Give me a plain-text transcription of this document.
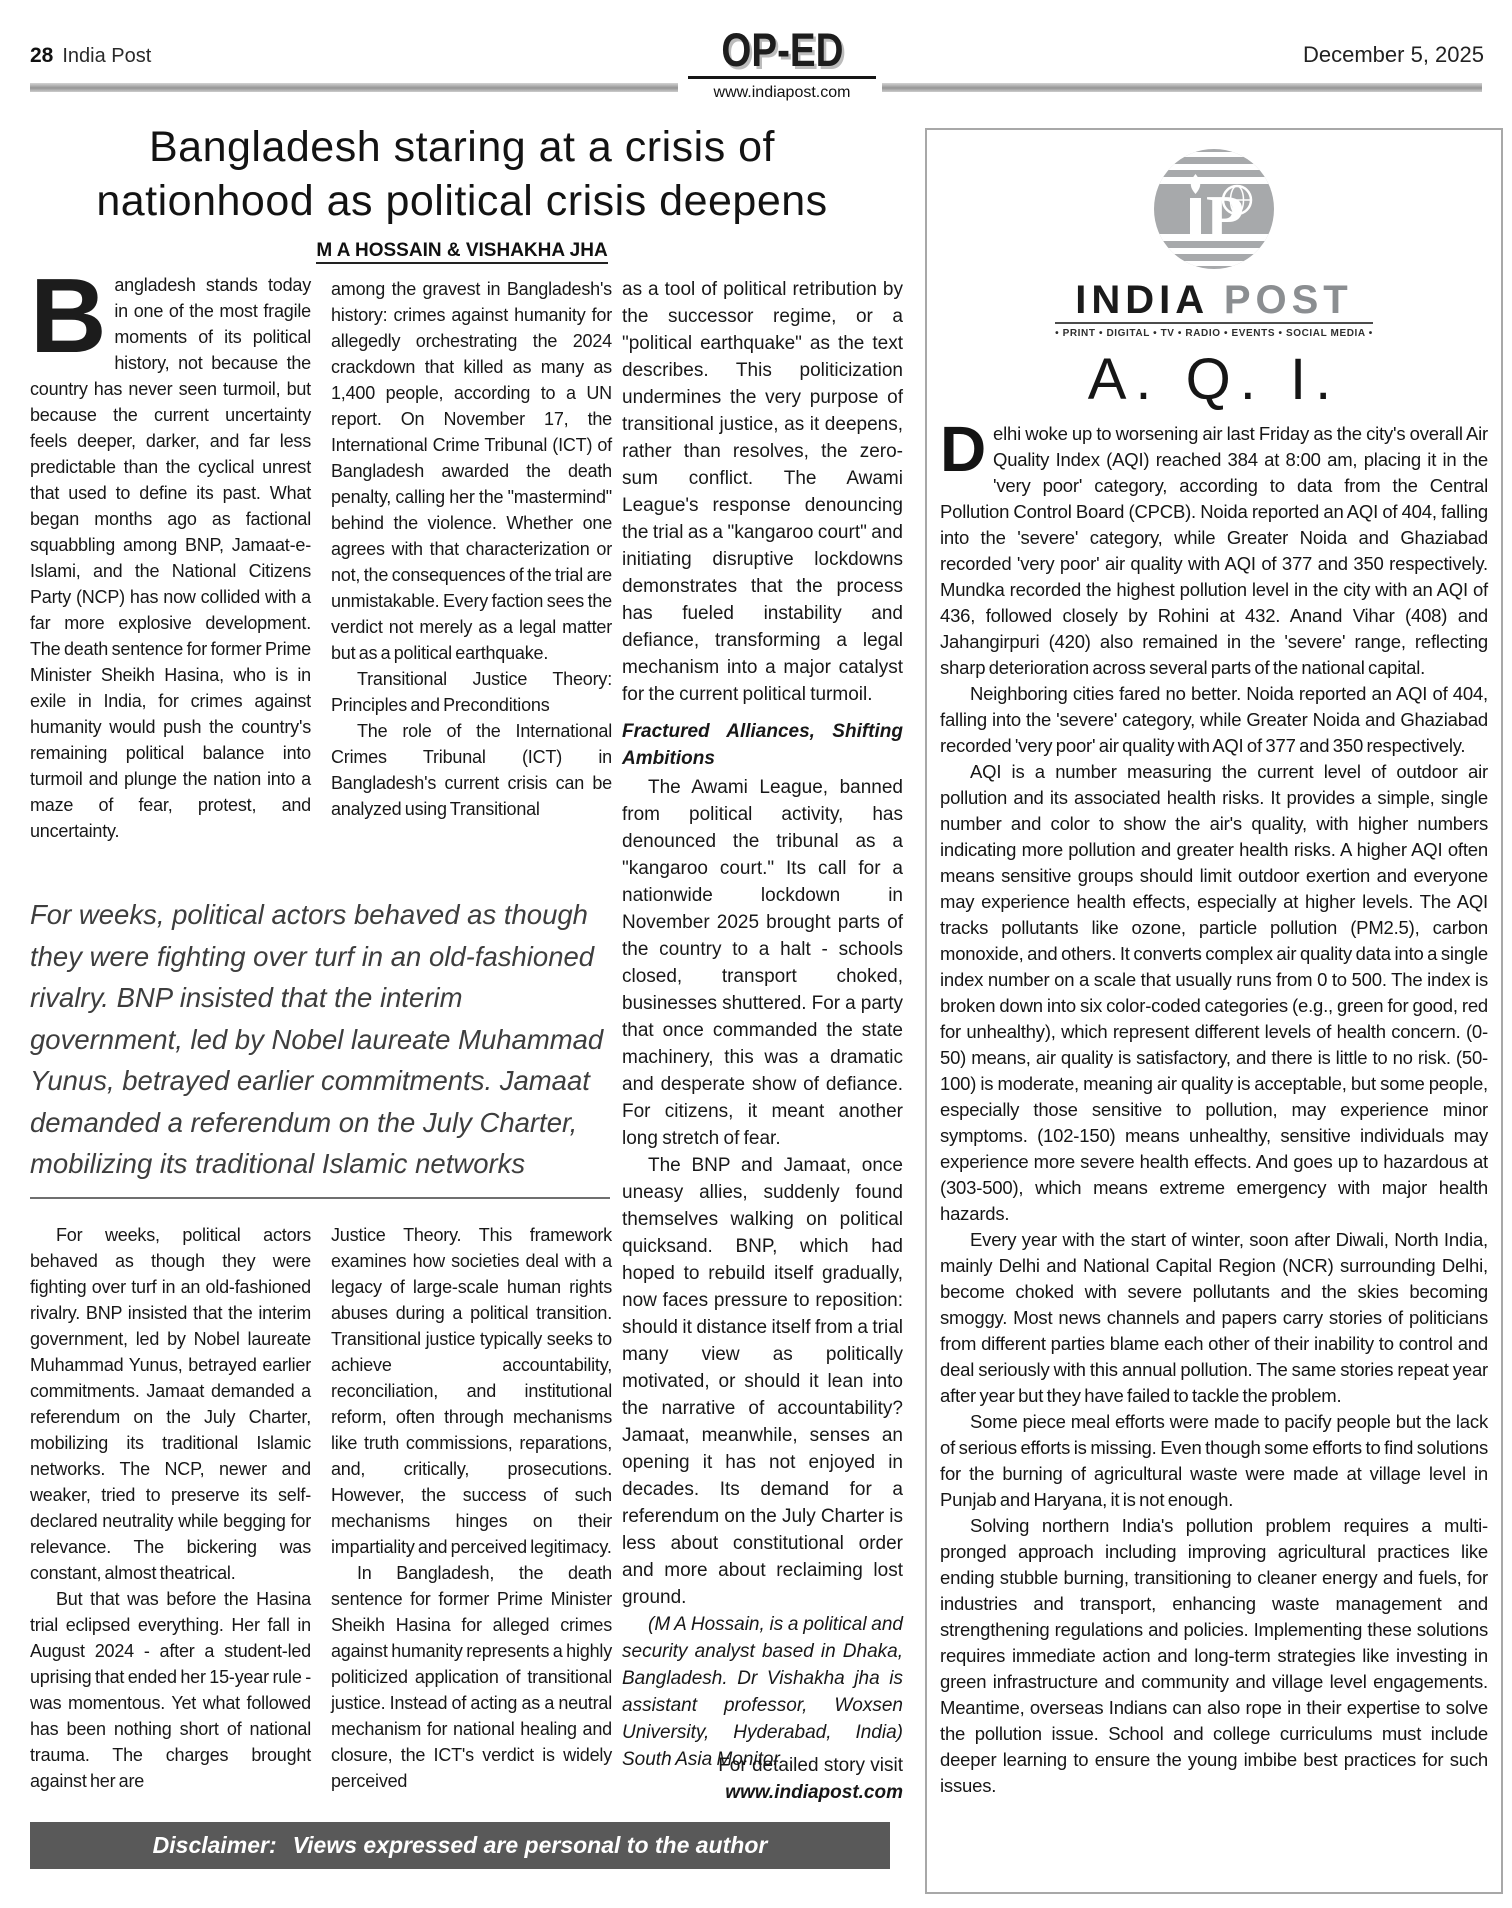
28 India Post	OP-ED
www.indiapost.com
December 5, 2025
Bangladesh staring at a crisis of
nationhood as political crisis deepens
M A HOSSAIN & VISHAKHA JHA
B angladesh stands today in one of the most fragile moments of its political history, not because the country has never seen turmoil, but because the current uncertainty feels deeper, darker, and far less predictable than the cyclical unrest that used to define its past. What began months ago as factional squabbling among BNP, Jamaat-e-Islami, and the National Citizens Party (NCP) has now collided with a far more explosive development. The death sentence for former Prime Minister Sheikh Hasina, who is in exile in India, for crimes against humanity would push the country's remaining political balance into turmoil and plunge the nation into a maze of fear, protest, and uncertainty.

among the gravest in Bangladesh's history: crimes against humanity for allegedly orchestrating the 2024 crackdown that killed as many as 1,400 people, according to a UN report. On November 17, the International Crime Tribunal (ICT) of Bangladesh awarded the death penalty, calling her the "mastermind" behind the violence. Whether one agrees with that characterization or not, the consequences of the trial are unmistakable. Every faction sees the verdict not merely as a legal matter but as a political earthquake.

Transitional Justice Theory: Principles and Preconditions

The role of the International Crimes Tribunal (ICT) in Bangladesh's current crisis can be analyzed using Transitional

For weeks, political actors behaved as though they were fighting over turf in an old-fashioned rivalry. BNP insisted that the interim government, led by Nobel laureate Muhammad Yunus, betrayed earlier commitments. Jamaat demanded a referendum on the July Charter, mobilizing its traditional Islamic networks

For weeks, political actors behaved as though they were fighting over turf in an old-fashioned rivalry. BNP insisted that the interim government, led by Nobel laureate Muhammad Yunus, betrayed earlier commitments. Jamaat demanded a referendum on the July Charter, mobilizing its traditional Islamic networks. The NCP, newer and weaker, tried to preserve its self-declared neutrality while begging for relevance. The bickering was constant, almost theatrical.

But that was before the Hasina trial eclipsed everything. Her fall in August 2024 - after a student-led uprising that ended her 15-year rule - was momentous. Yet what followed has been nothing short of national trauma. The charges brought against her are

Justice Theory. This framework examines how societies deal with a legacy of large-scale human rights abuses during a political transition. Transitional justice typically seeks to achieve accountability, reconciliation, and institutional reform, often through mechanisms like truth commissions, reparations, and, critically, prosecutions. However, the success of such mechanisms hinges on their impartiality and perceived legitimacy.

In Bangladesh, the death sentence for former Prime Minister Sheikh Hasina for alleged crimes against humanity represents a highly politicized application of transitional justice. Instead of acting as a neutral mechanism for national healing and closure, the ICT's verdict is widely perceived

as a tool of political retribution by the successor regime, or a "political earthquake" as the text describes. This politicization undermines the very purpose of transitional justice, as it deepens, rather than resolves, the zero-sum conflict. The Awami League's response denouncing the trial as a "kangaroo court" and initiating disruptive lockdowns demonstrates that the process has fueled instability and defiance, transforming a legal mechanism into a major catalyst for the current political turmoil.

Fractured Alliances, Shifting Ambitions

The Awami League, banned from political activity, has denounced the tribunal as a "kangaroo court." Its call for a nationwide lockdown in November 2025 brought parts of the country to a halt - schools closed, transport choked, businesses shuttered. For a party that once commanded the state machinery, this was a dramatic and desperate show of defiance. For citizens, it meant another long stretch of fear.

The BNP and Jamaat, once uneasy allies, suddenly found themselves walking on political quicksand. BNP, which had hoped to rebuild itself gradually, now faces pressure to reposition: should it distance itself from a trial many view as politically motivated, or should it lean into the narrative of accountability? Jamaat, meanwhile, senses an opening it has not enjoyed in decades. Its demand for a referendum on the July Charter is less about constitutional order and more about reclaiming lost ground.

(M A Hossain, is a political and security analyst based in Dhaka, Bangladesh. Dr Vishakha jha is assistant professor, Woxsen University, Hyderabad, India) South Asia Monitor

For detailed story visit
www.indiapost.com
Disclaimer: Views expressed are personal to the author
P
INDIA POST
• PRINT • DIGITAL • TV • RADIO • EVENTS • SOCIAL MEDIA •
A. Q. I.
D elhi woke up to worsening air last Friday as the city's overall Air Quality Index (AQI) reached 384 at 8:00 am, placing it in the 'very poor' category, according to data from the Central Pollution Control Board (CPCB). Noida reported an AQI of 404, falling into the 'severe' category, while Greater Noida and Ghaziabad recorded 'very poor' air quality with AQI of 377 and 350 respectively. Mundka recorded the highest pollution level in the city with an AQI of 436, followed closely by Rohini at 432. Anand Vihar (408) and Jahangirpuri (420) also remained in the 'severe' range, reflecting sharp deterioration across several parts of the national capital.

Neighboring cities fared no better. Noida reported an AQI of 404, falling into the 'severe' category, while Greater Noida and Ghaziabad recorded 'very poor' air quality with AQI of 377 and 350 respectively.

AQI is a number measuring the current level of outdoor air pollution and its associated health risks. It provides a simple, single number and color to show the air's quality, with higher numbers indicating more pollution and greater health risks. A higher AQI often means sensitive groups should limit outdoor exertion and everyone may experience health effects, especially at higher levels. The AQI tracks pollutants like ozone, particle pollution (PM2.5), carbon monoxide, and others. It converts complex air quality data into a single index number on a scale that usually runs from 0 to 500. The index is broken down into six color-coded categories (e.g., green for good, red for unhealthy), which represent different levels of health concern. (0-50) means, air quality is satisfactory, and there is little to no risk. (50-100) is moderate, meaning air quality is acceptable, but some people, especially those sensitive to pollution, may experience minor symptoms. (102-150) means unhealthy, sensitive individuals may experience more severe health effects. And goes up to hazardous at (303-500), which means extreme emergency with major health hazards.

Every year with the start of winter, soon after Diwali, North India, mainly Delhi and National Capital Region (NCR) surrounding Delhi, become choked with severe pollutants and the skies becoming smoggy. Most news channels and papers carry stories of politicians from different parties blame each other of their inability to control and deal seriously with this annual pollution. The same stories repeat year after year but they have failed to tackle the problem.

Some piece meal efforts were made to pacify people but the lack of serious efforts is missing. Even though some efforts to find solutions for the burning of agricultural waste were made at village level in Punjab and Haryana, it is not enough.

Solving northern India's pollution problem requires a multi-pronged approach including improving agricultural practices like ending stubble burning, transitioning to cleaner energy and fuels, for industries and transport, enhancing waste management and strengthening regulations and policies. Implementing these solutions requires immediate action and long-term strategies like investing in green infrastructure and community and village level engagements. Meantime, overseas Indians can also rope in their expertise to solve the pollution issue. School and college curriculums must include deeper learning to ensure the young imbibe best practices for such issues.
